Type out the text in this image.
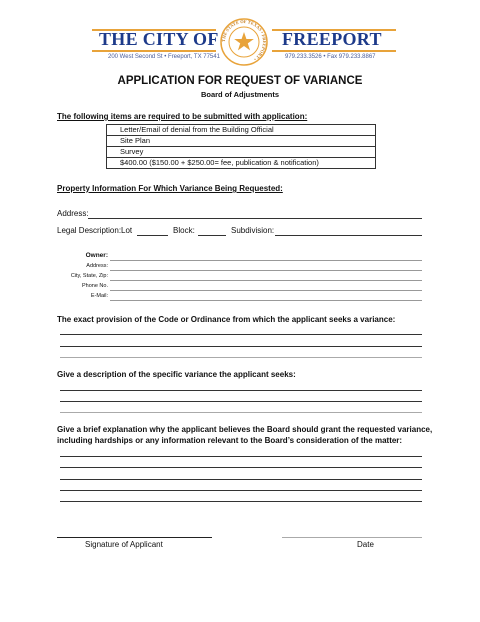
THE CITY OF	FREEPORT
200 West Second St • Freeport, TX 77541	979.233.3526 • Fax 979.233.8867
THE STATE OF TEXAS • FREEPORT •
APPLICATION FOR REQUEST OF VARIANCE
Board of Adjustments
The following items are required to be submitted with application:
Letter/Email of denial from the Building Official
Site Plan
Survey
$400.00 ($150.00 + $250.00= fee, publication & notification)
Property Information For Which Variance Being Requested:
Address:
Legal Description: Lot	Block:	Subdivision:
Owner:
Address:
City, State, Zip:
Phone No.
E-Mail:
The exact provision of the Code or Ordinance from which the applicant seeks a variance:
Give a description of the specific variance the applicant seeks:
Give a brief explanation why the applicant believes the Board should grant the requested variance,
including hardships or any information relevant to the Board’s consideration of the matter:
Signature of Applicant	Date
